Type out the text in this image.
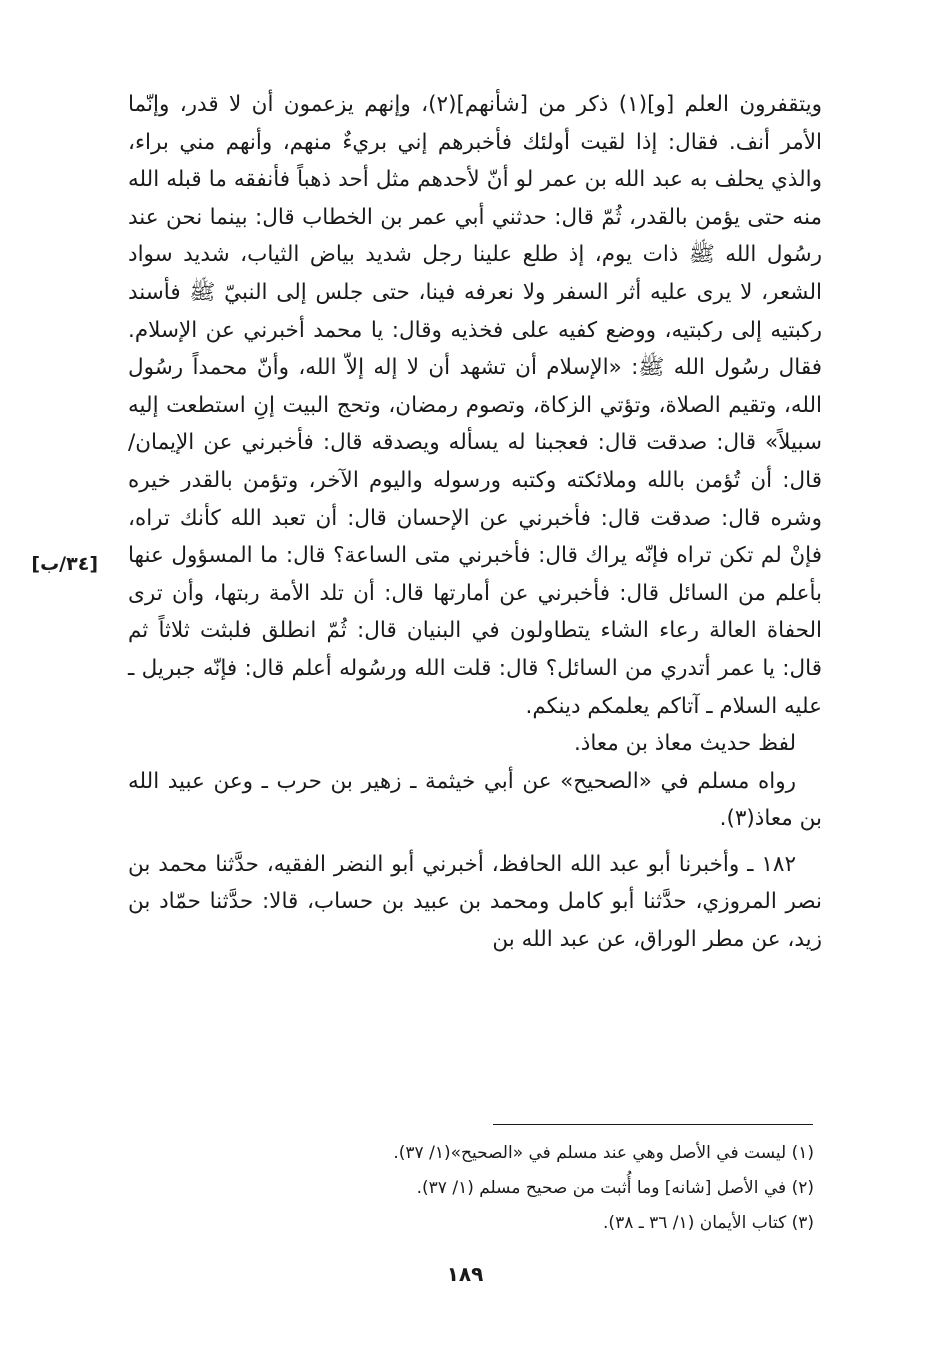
ويتقفرون العلم [و](١) ذكر من [شأنهم](٢)، وإنهم يزعمون أن لا قدر، وإنّما الأمر أنف. فقال: إذا لقيت أولئك فأخبرهم إني بريءٌ منهم، وأنهم مني براء، والذي يحلف به عبد الله بن عمر لو أنّ لأحدهم مثل أحد ذهباً فأنفقه ما قبله الله منه حتى يؤمن بالقدر، ثُمّ قال: حدثني أبي عمر بن الخطاب قال: بينما نحن عند رسُول الله ﷺ ذات يوم، إذ طلع علينا رجل شديد بياض الثياب، شديد سواد الشعر، لا يرى عليه أثر السفر ولا نعرفه فينا، حتى جلس إلى النبيّ ﷺ فأسند ركبتيه إلى ركبتيه، ووضع كفيه على فخذيه وقال: يا محمد أخبرني عن الإسلام. فقال رسُول الله ﷺ: «الإسلام أن تشهد أن لا إله إلاّ الله، وأنّ محمداً رسُول الله، وتقيم الصلاة، وتؤتي الزكاة، وتصوم رمضان، وتحج البيت إنِ استطعت إليه سبيلاً» قال: صدقت قال: فعجبنا له يسأله ويصدقه قال: فأخبرني عن الإيمان/ قال: أن تُؤمن بالله وملائكته وكتبه ورسوله واليوم الآخر، وتؤمن بالقدر خيره وشره قال: صدقت قال: فأخبرني عن الإحسان قال: أن تعبد الله كأنك تراه، فإنْ لم تكن تراه فإنّه يراك قال: فأخبرني متى الساعة؟ قال: ما المسؤول عنها بأعلم من السائل قال: فأخبرني عن أمارتها قال: أن تلد الأمة ربتها، وأن ترى الحفاة العالة رعاء الشاء يتطاولون في البنيان قال: ثُمّ انطلق فلبثت ثلاثاً ثم قال: يا عمر أتدري من السائل؟ قال: قلت الله ورسُوله أعلم قال: فإنّه جبريل ـ عليه السلام ـ آتاكم يعلمكم دينكم.

لفظ حديث معاذ بن معاذ.

رواه مسلم في «الصحيح» عن أبي خيثمة ـ زهير بن حرب ـ وعن عبيد الله بن معاذ(٣).

١٨٢ ـ وأخبرنا أبو عبد الله الحافظ، أخبرني أبو النضر الفقيه، حدَّثنا محمد بن نصر المروزي، حدَّثنا أبو كامل ومحمد بن عبيد بن حساب، قالا: حدَّثنا حمّاد بن زيد، عن مطر الوراق، عن عبد الله بن

[٣٤/ب]

(١) ليست في الأصل وهي عند مسلم في «الصحيح»(١/ ٣٧).

(٢) في الأصل [شانه] وما أُثبت من صحيح مسلم (١/ ٣٧).

(٣) كتاب الأيمان (١/ ٣٦ ـ ٣٨).

١٨٩
